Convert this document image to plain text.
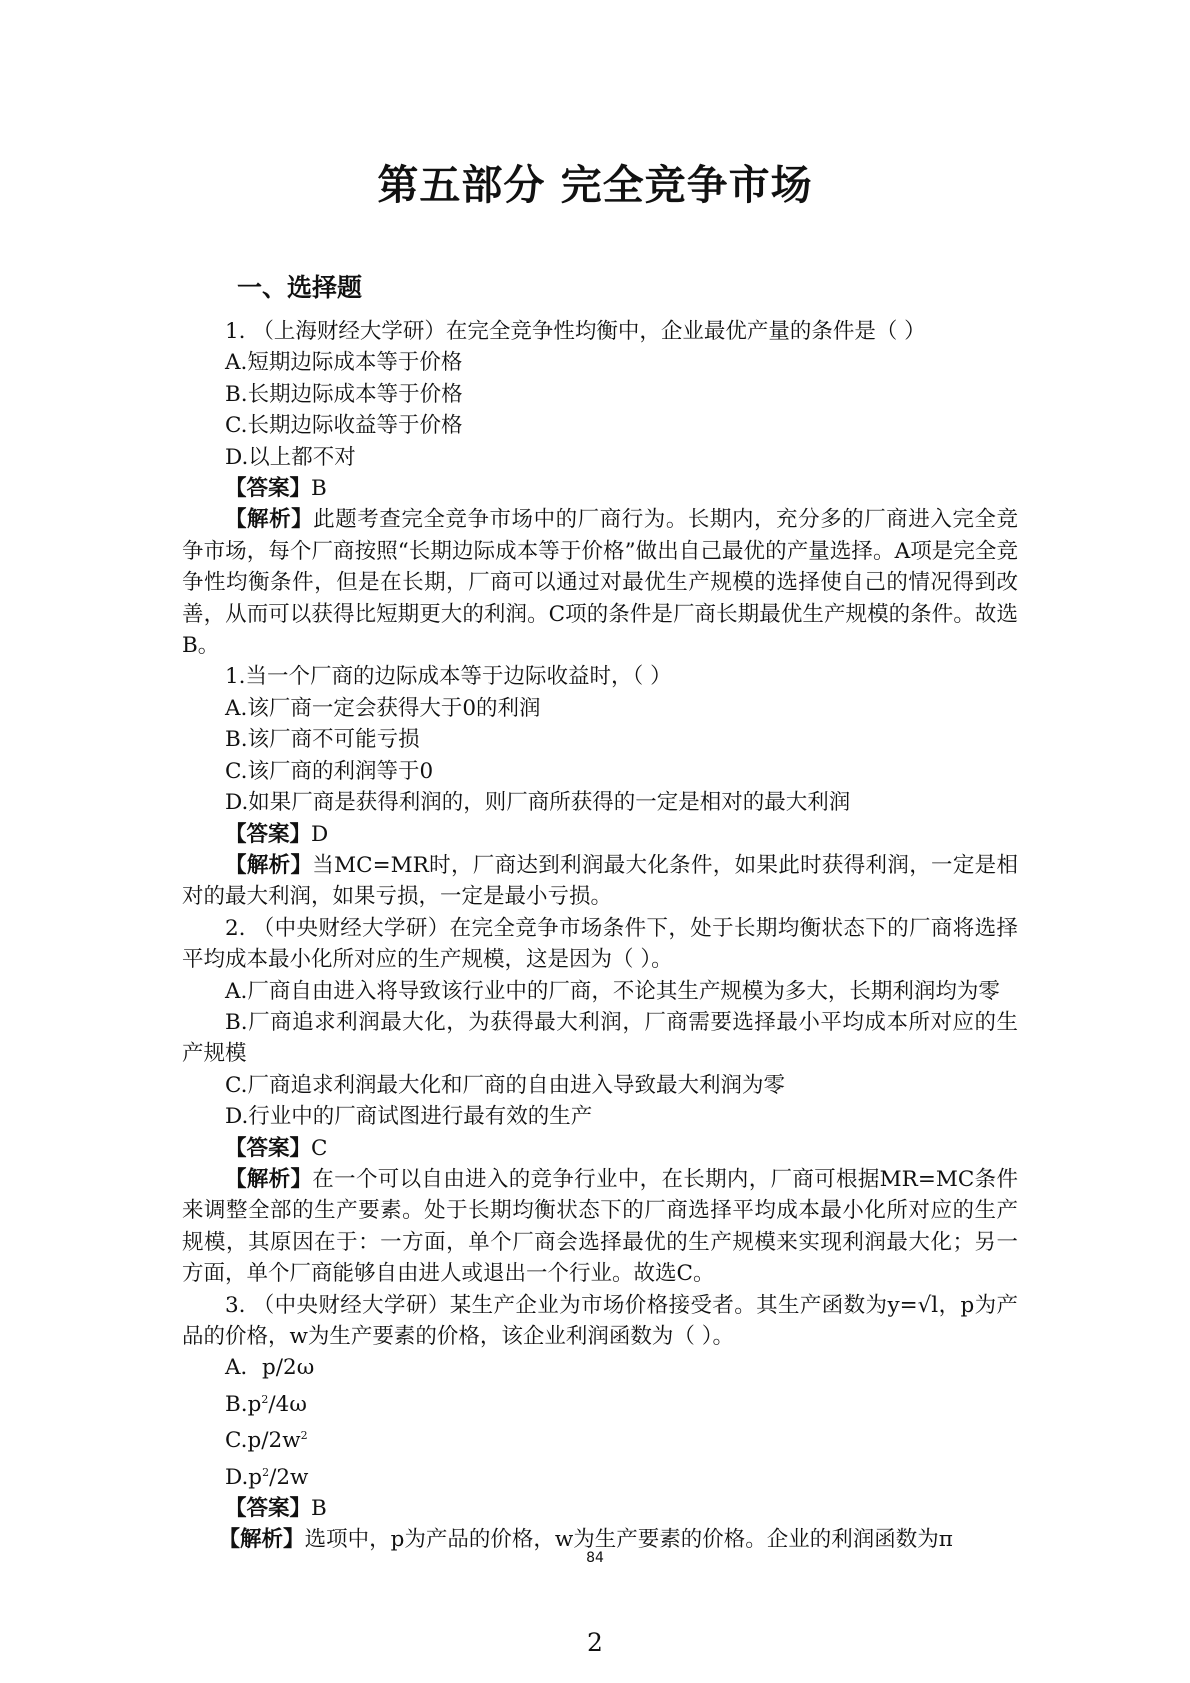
第五部分 完全竞争市场
一、选择题

1. （上海财经大学研）在完全竞争性均衡中，企业最优产量的条件是（ ）

A.短期边际成本等于价格

B.长期边际成本等于价格

C.长期边际收益等于价格

D.以上都不对

【答案】B

【解析】此题考查完全竞争市场中的厂商行为。长期内，充分多的厂商进入完全竞争市场，每个厂商按照“长期边际成本等于价格”做出自己最优的产量选择。A项是完全竞争性均衡条件，但是在长期，厂商可以通过对最优生产规模的选择使自己的情况得到改善，从而可以获得比短期更大的利润。C项的条件是厂商长期最优生产规模的条件。故选B。

1.当一个厂商的边际成本等于边际收益时，（ ）

A.该厂商一定会获得大于0的利润

B.该厂商不可能亏损

C.该厂商的利润等于0

D.如果厂商是获得利润的，则厂商所获得的一定是相对的最大利润

【答案】D

【解析】当MC=MR时，厂商达到利润最大化条件，如果此时获得利润，一定是相对的最大利润，如果亏损，一定是最小亏损。

2. （中央财经大学研）在完全竞争市场条件下，处于长期均衡状态下的厂商将选择平均成本最小化所对应的生产规模，这是因为（ ）。

A.厂商自由进入将导致该行业中的厂商，不论其生产规模为多大，长期利润均为零

B.厂商追求利润最大化，为获得最大利润，厂商需要选择最小平均成本所对应的生产规模

C.厂商追求利润最大化和厂商的自由进入导致最大利润为零

D.行业中的厂商试图进行最有效的生产

【答案】C

【解析】在一个可以自由进入的竞争行业中，在长期内，厂商可根据MR=MC条件来调整全部的生产要素。处于长期均衡状态下的厂商选择平均成本最小化所对应的生产规模，其原因在于：一方面，单个厂商会选择最优的生产规模来实现利润最大化；另一方面，单个厂商能够自由进人或退出一个行业。故选C。

3. （中央财经大学研）某生产企业为市场价格接受者。其生产函数为y=√l，p为产品的价格，w为生产要素的价格，该企业利润函数为（ ）。

A．p/2ω

$B.p^2/4\omega$

$C.p/2w^2$

$D.p^2/2w$

【答案】B

【解析】选项中，p为产品的价格，w为生产要素的价格。企业的利润函数为π

84
2
